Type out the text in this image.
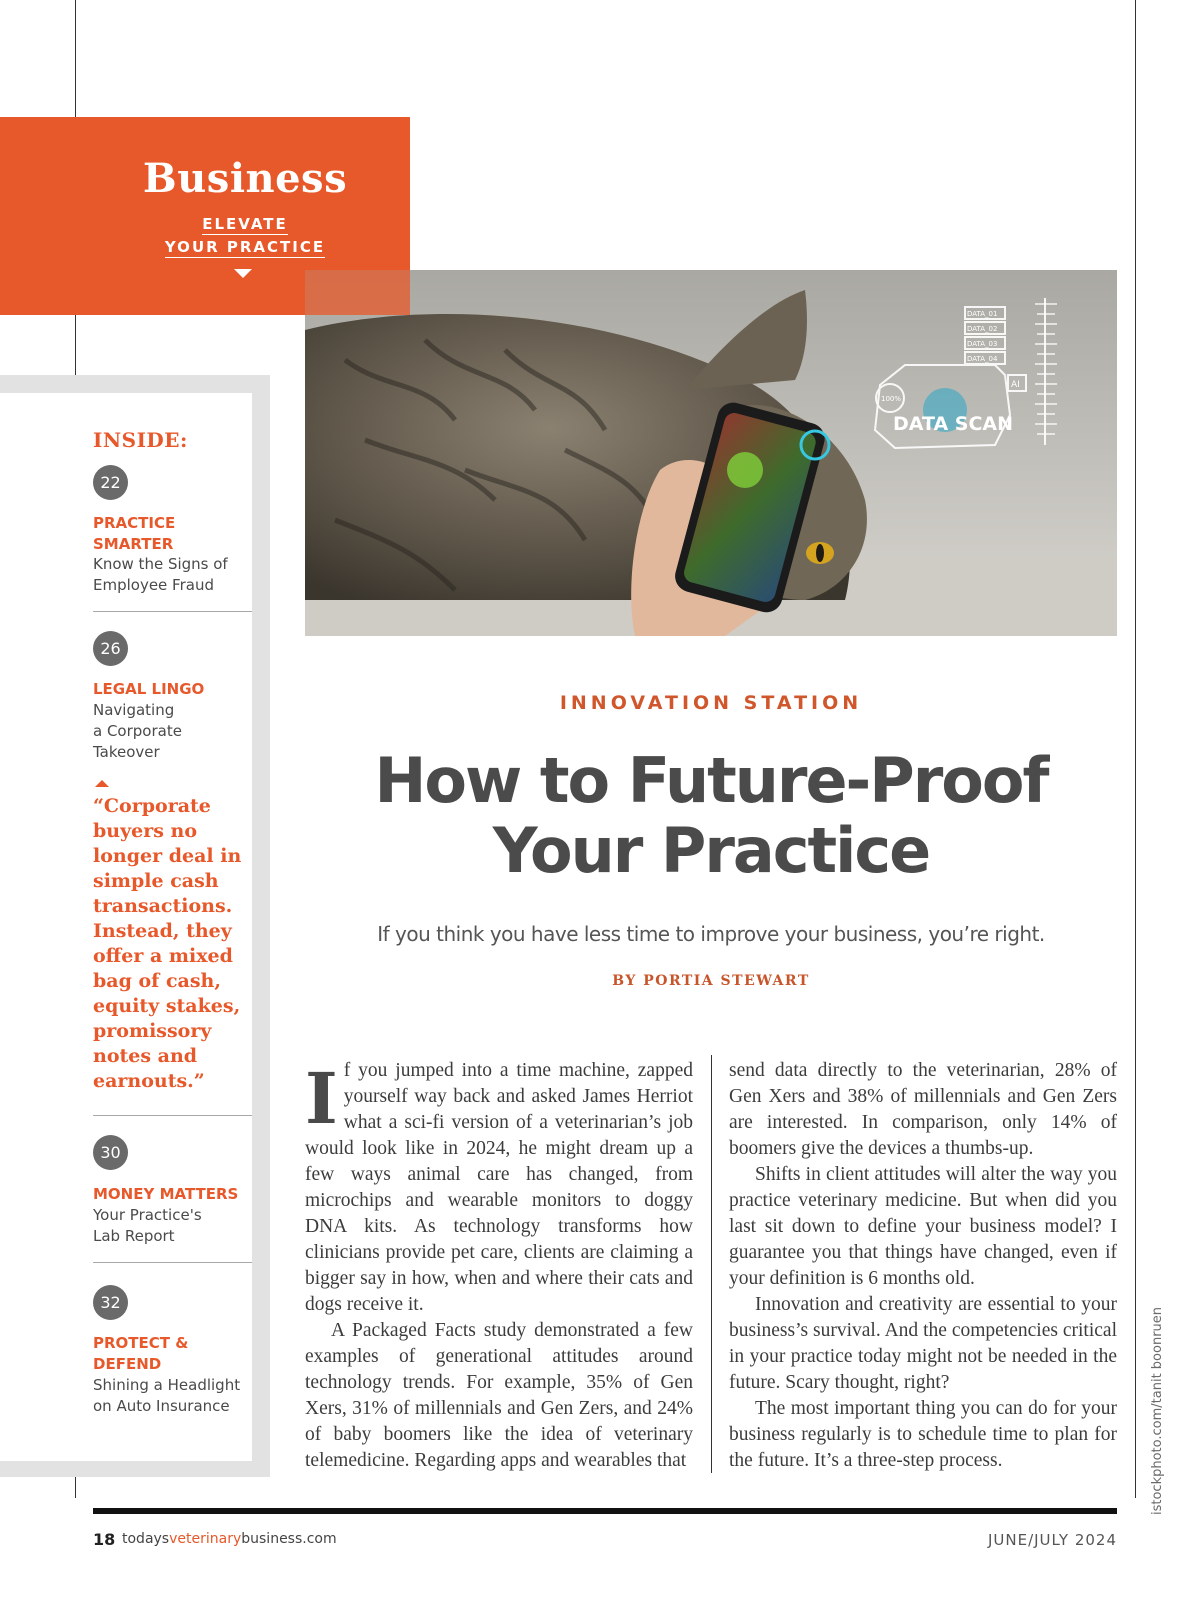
Business
ELEVATE
YOUR PRACTICE
INSIDE:
22
PRACTICE SMARTER
Know the Signs of Employee Fraud
26
LEGAL LINGO
Navigating a Corporate Takeover
“Corporate buyers no longer deal in simple cash transactions. Instead, they offer a mixed bag of cash, equity stakes, promissory notes and earnouts.”
30
MONEY MATTERS
Your Practice's Lab Report
32
PROTECT & DEFEND
Shining a Headlight on Auto Insurance
DATA_01
DATA_02
DATA_03
DATA_04
100%
AI
DATA SCAN
INNOVATION STATION
How to Future-Proof
Your Practice
If you think you have less time to improve your business, you’re right.
BY PORTIA STEWART

If you jumped into a time machine, zapped yourself way back and asked James Herriot what a sci-fi version of a veterinarian’s job would look like in 2024, he might dream up a few ways animal care has changed, from microchips and wearable monitors to doggy DNA kits. As technology transforms how clinicians provide pet care, clients are claiming a bigger say in how, when and where their cats and dogs receive it.

A Packaged Facts study demonstrated a few examples of generational attitudes around technology trends. For example, 35% of Gen Xers, 31% of millennials and Gen Zers, and 24% of baby boomers like the idea of veterinary telemedicine. Regarding apps and wearables that

send data directly to the veterinarian, 28% of Gen Xers and 38% of millennials and Gen Zers are interested. In comparison, only 14% of boomers give the devices a thumbs-up.

Shifts in client attitudes will alter the way you practice veterinary medicine. But when did you last sit down to define your business model? I guarantee you that things have changed, even if your definition is 6 months old.

Innovation and creativity are essential to your business’s survival. And the competencies critical in your practice today might not be needed in the future. Scary thought, right?

The most important thing you can do for your business regularly is to schedule time to plan for the future. It’s a three-step process.	istockphoto.com/tanit boonruen
18 todaysveterinarybusiness.com	JUNE/JULY 2024
